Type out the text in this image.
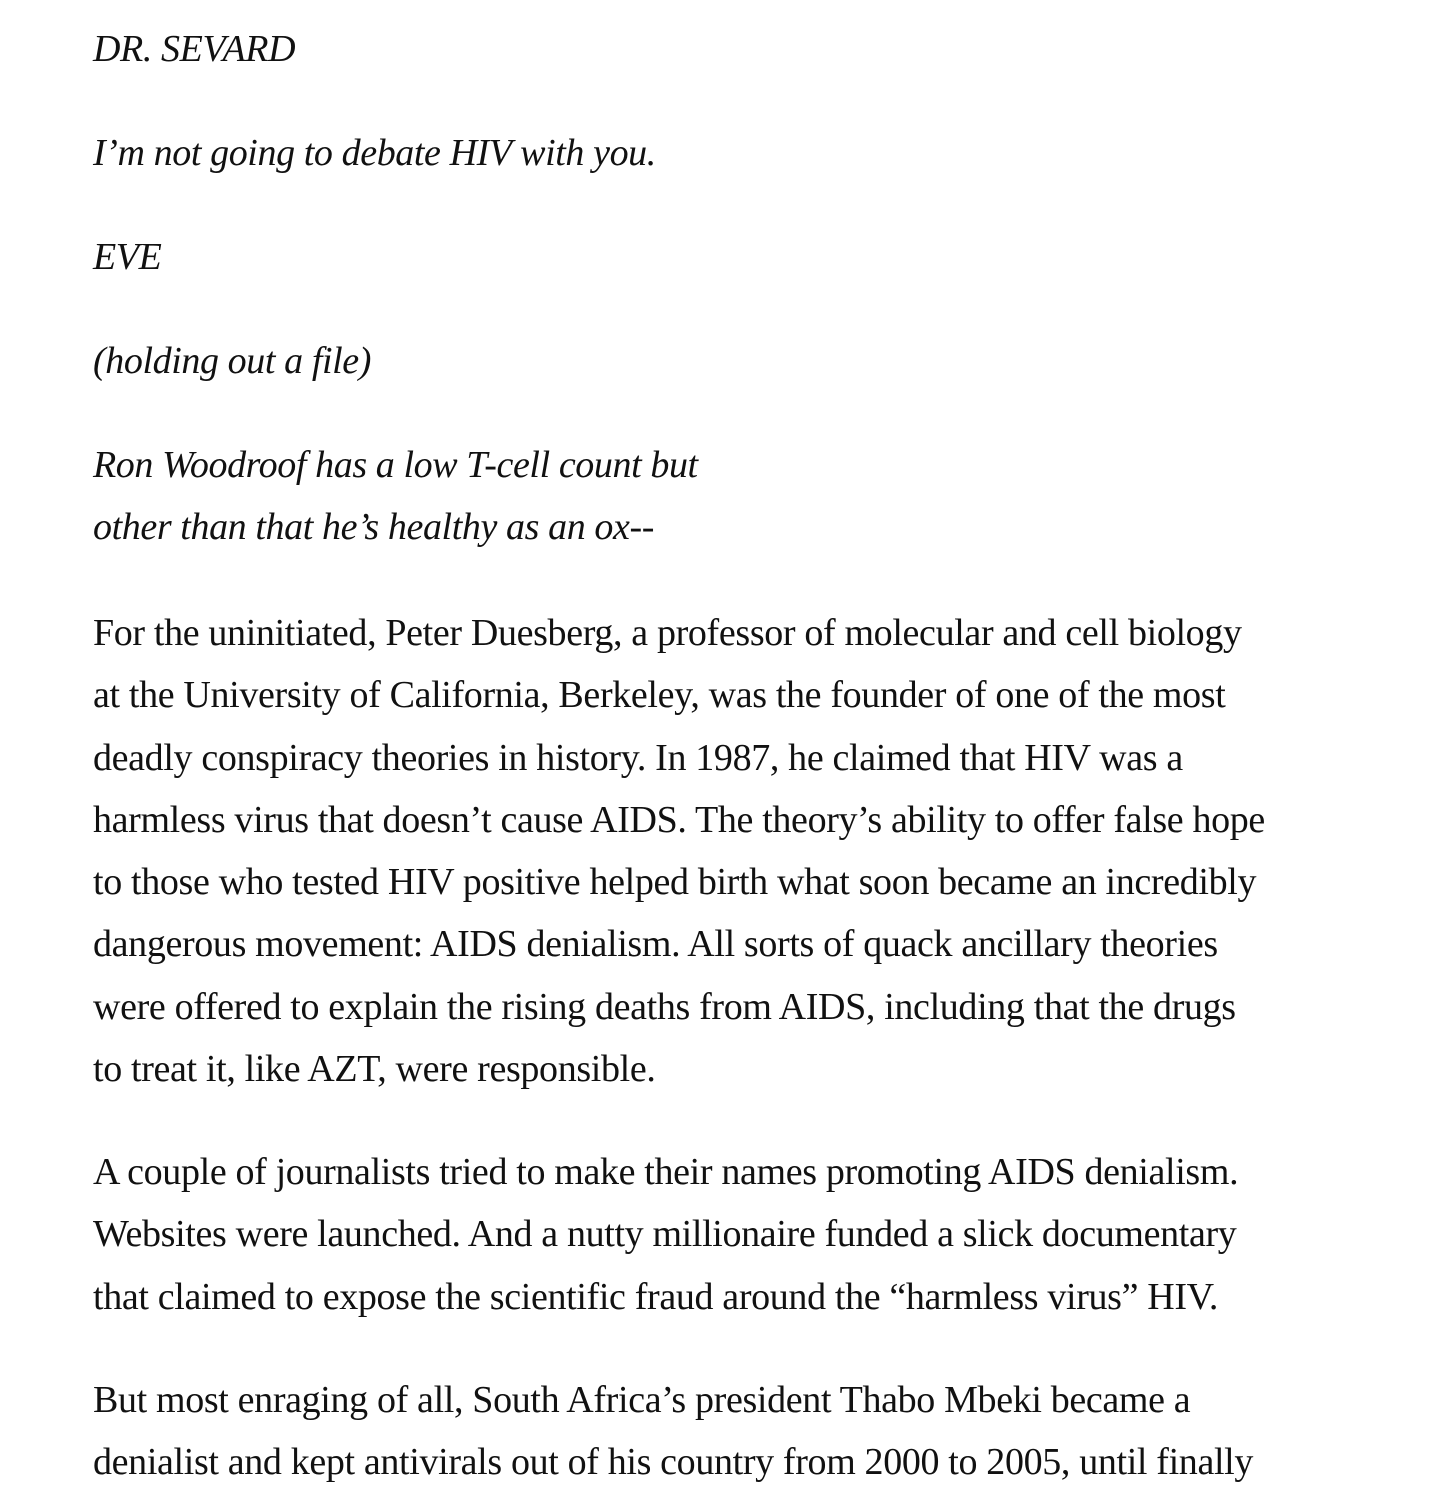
DR. SEVARD

I’m not going to debate HIV with you.

EVE

(holding out a file)

Ron Woodroof has a low T-cell count but
other than that he’s healthy as an ox--
For the uninitiated, Peter Duesberg, a professor of molecular and cell biology
at the University of California, Berkeley, was the founder of one of the most
deadly conspiracy theories in history. In 1987, he claimed that HIV was a
harmless virus that doesn’t cause AIDS. The theory’s ability to offer false hope
to those who tested HIV positive helped birth what soon became an incredibly
dangerous movement: AIDS denialism. All sorts of quack ancillary theories
were offered to explain the rising deaths from AIDS, including that the drugs
to treat it, like AZT, were responsible.
A couple of journalists tried to make their names promoting AIDS denialism.
Websites were launched. And a nutty millionaire funded a slick documentary
that claimed to expose the scientific fraud around the “harmless virus” HIV.
But most enraging of all, South Africa’s president Thabo Mbeki became a
denialist and kept antivirals out of his country from 2000 to 2005, until finally
